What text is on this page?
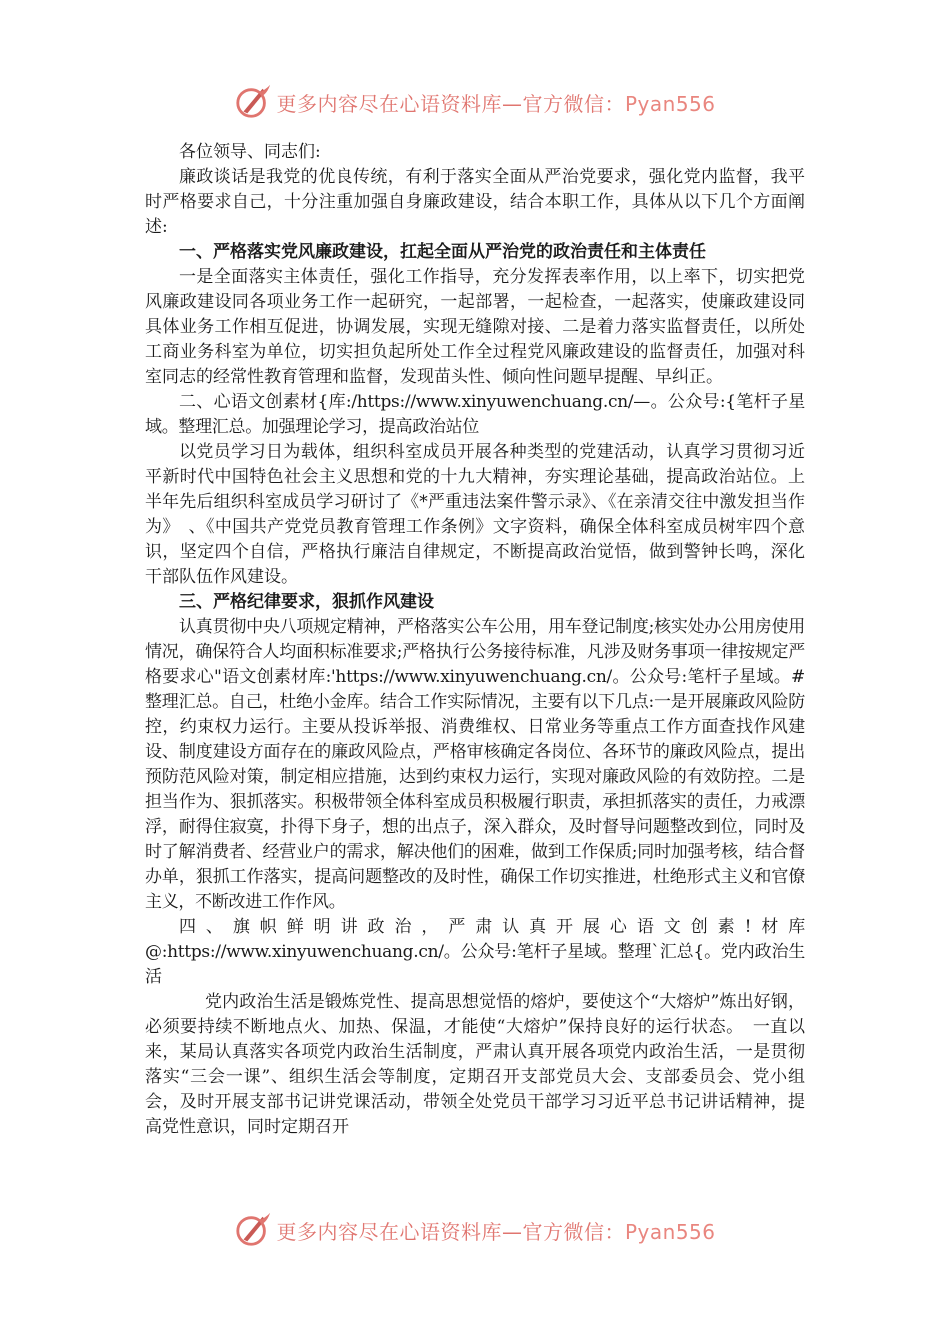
更多内容尽在心语资料库—官方微信：Pyan556

各位领导、同志们:

廉政谈话是我党的优良传统，有利于落实全面从严治党要求，强化党内监督，我平时严格要求自己，十分注重加强自身廉政建设，结合本职工作，具体从以下几个方面阐述:

一、严格落实党风廉政建设，扛起全面从严治党的政治责任和主体责任

一是全面落实主体责任，强化工作指导，充分发挥表率作用，以上率下，切实把党风廉政建设同各项业务工作一起研究，一起部署，一起检查，一起落实，使廉政建设同具体业务工作相互促进，协调发展，实现无缝隙对接、二是着力落实监督责任，以所处工商业务科室为单位，切实担负起所处工作全过程党风廉政建设的监督责任，加强对科室同志的经常性教育管理和监督，发现苗头性、倾向性问题早提醒、早纠正。

二、心语文创素材{库:/https://www.xinyuwenchuang.cn/—。公众号:{笔杆子星域。整理汇总。加强理论学习，提高政治站位

以党员学习日为载体，组织科室成员开展各种类型的党建活动，认真学习贯彻习近平新时代中国特色社会主义思想和党的十九大精神，夯实理论基础，提高政治站位。上半年先后组织科室成员学习研讨了《*严重违法案件警示录》、《在亲清交往中激发担当作为》　、《中国共产党党员教育管理工作条例》文字资料，确保全体科室成员树牢四个意识，坚定四个自信，严格执行廉洁自律规定，不断提高政治觉悟，做到警钟长鸣，深化干部队伍作风建设。

三、严格纪律要求，狠抓作风建设

认真贯彻中央八项规定精神，严格落实公车公用，用车登记制度;核实处办公用房使用情况，确保符合人均面积标准要求;严格执行公务接待标准，凡涉及财务事项一律按规定严格要求心"语文创素材库:'https://www.xinyuwenchuang.cn/。公众号:笔杆子星域。#整理汇总。自己，杜绝小金库。结合工作实际情况，主要有以下几点:一是开展廉政风险防控，约束权力运行。主要从投诉举报、消费维权、日常业务等重点工作方面查找作风建设、制度建设方面存在的廉政风险点，严格审核确定各岗位、各环节的廉政风险点，提出预防范风险对策，制定相应措施，达到约束权力运行，实现对廉政风险的有效防控。二是担当作为、狠抓落实。积极带领全体科室成员积极履行职责，承担抓落实的责任，力戒漂浮，耐得住寂寞，扑得下身子，想的出点子，深入群众，及时督导问题整改到位，同时及时了解消费者、经营业户的需求，解决他们的困难，做到工作保质;同时加强考核，结合督办单，狠抓工作落实，提高问题整改的及时性，确保工作切实推进，杜绝形式主义和官僚主义，不断改进工作作风。

四、旗帜鲜明讲政治，严肃认真开展心语文创素!材库@:https://www.xinyuwenchuang.cn/。公众号:笔杆子星域。整理`汇总{。党内政治生活

党内政治生活是锻炼党性、提高思想觉悟的熔炉，要使这个“大熔炉”炼出好钢，必须要持续不断地点火、加热、保温，才能使“大熔炉”保持良好的运行状态。　一直以来，某局认真落实各项党内政治生活制度，严肃认真开展各项党内政治生活，一是贯彻落实“三会一课”、组织生活会等制度，定期召开支部党员大会、支部委员会、党小组会，及时开展支部书记讲党课活动，带领全处党员干部学习习近平总书记讲话精神，提高党性意识，同时定期召开

更多内容尽在心语资料库—官方微信：Pyan556
